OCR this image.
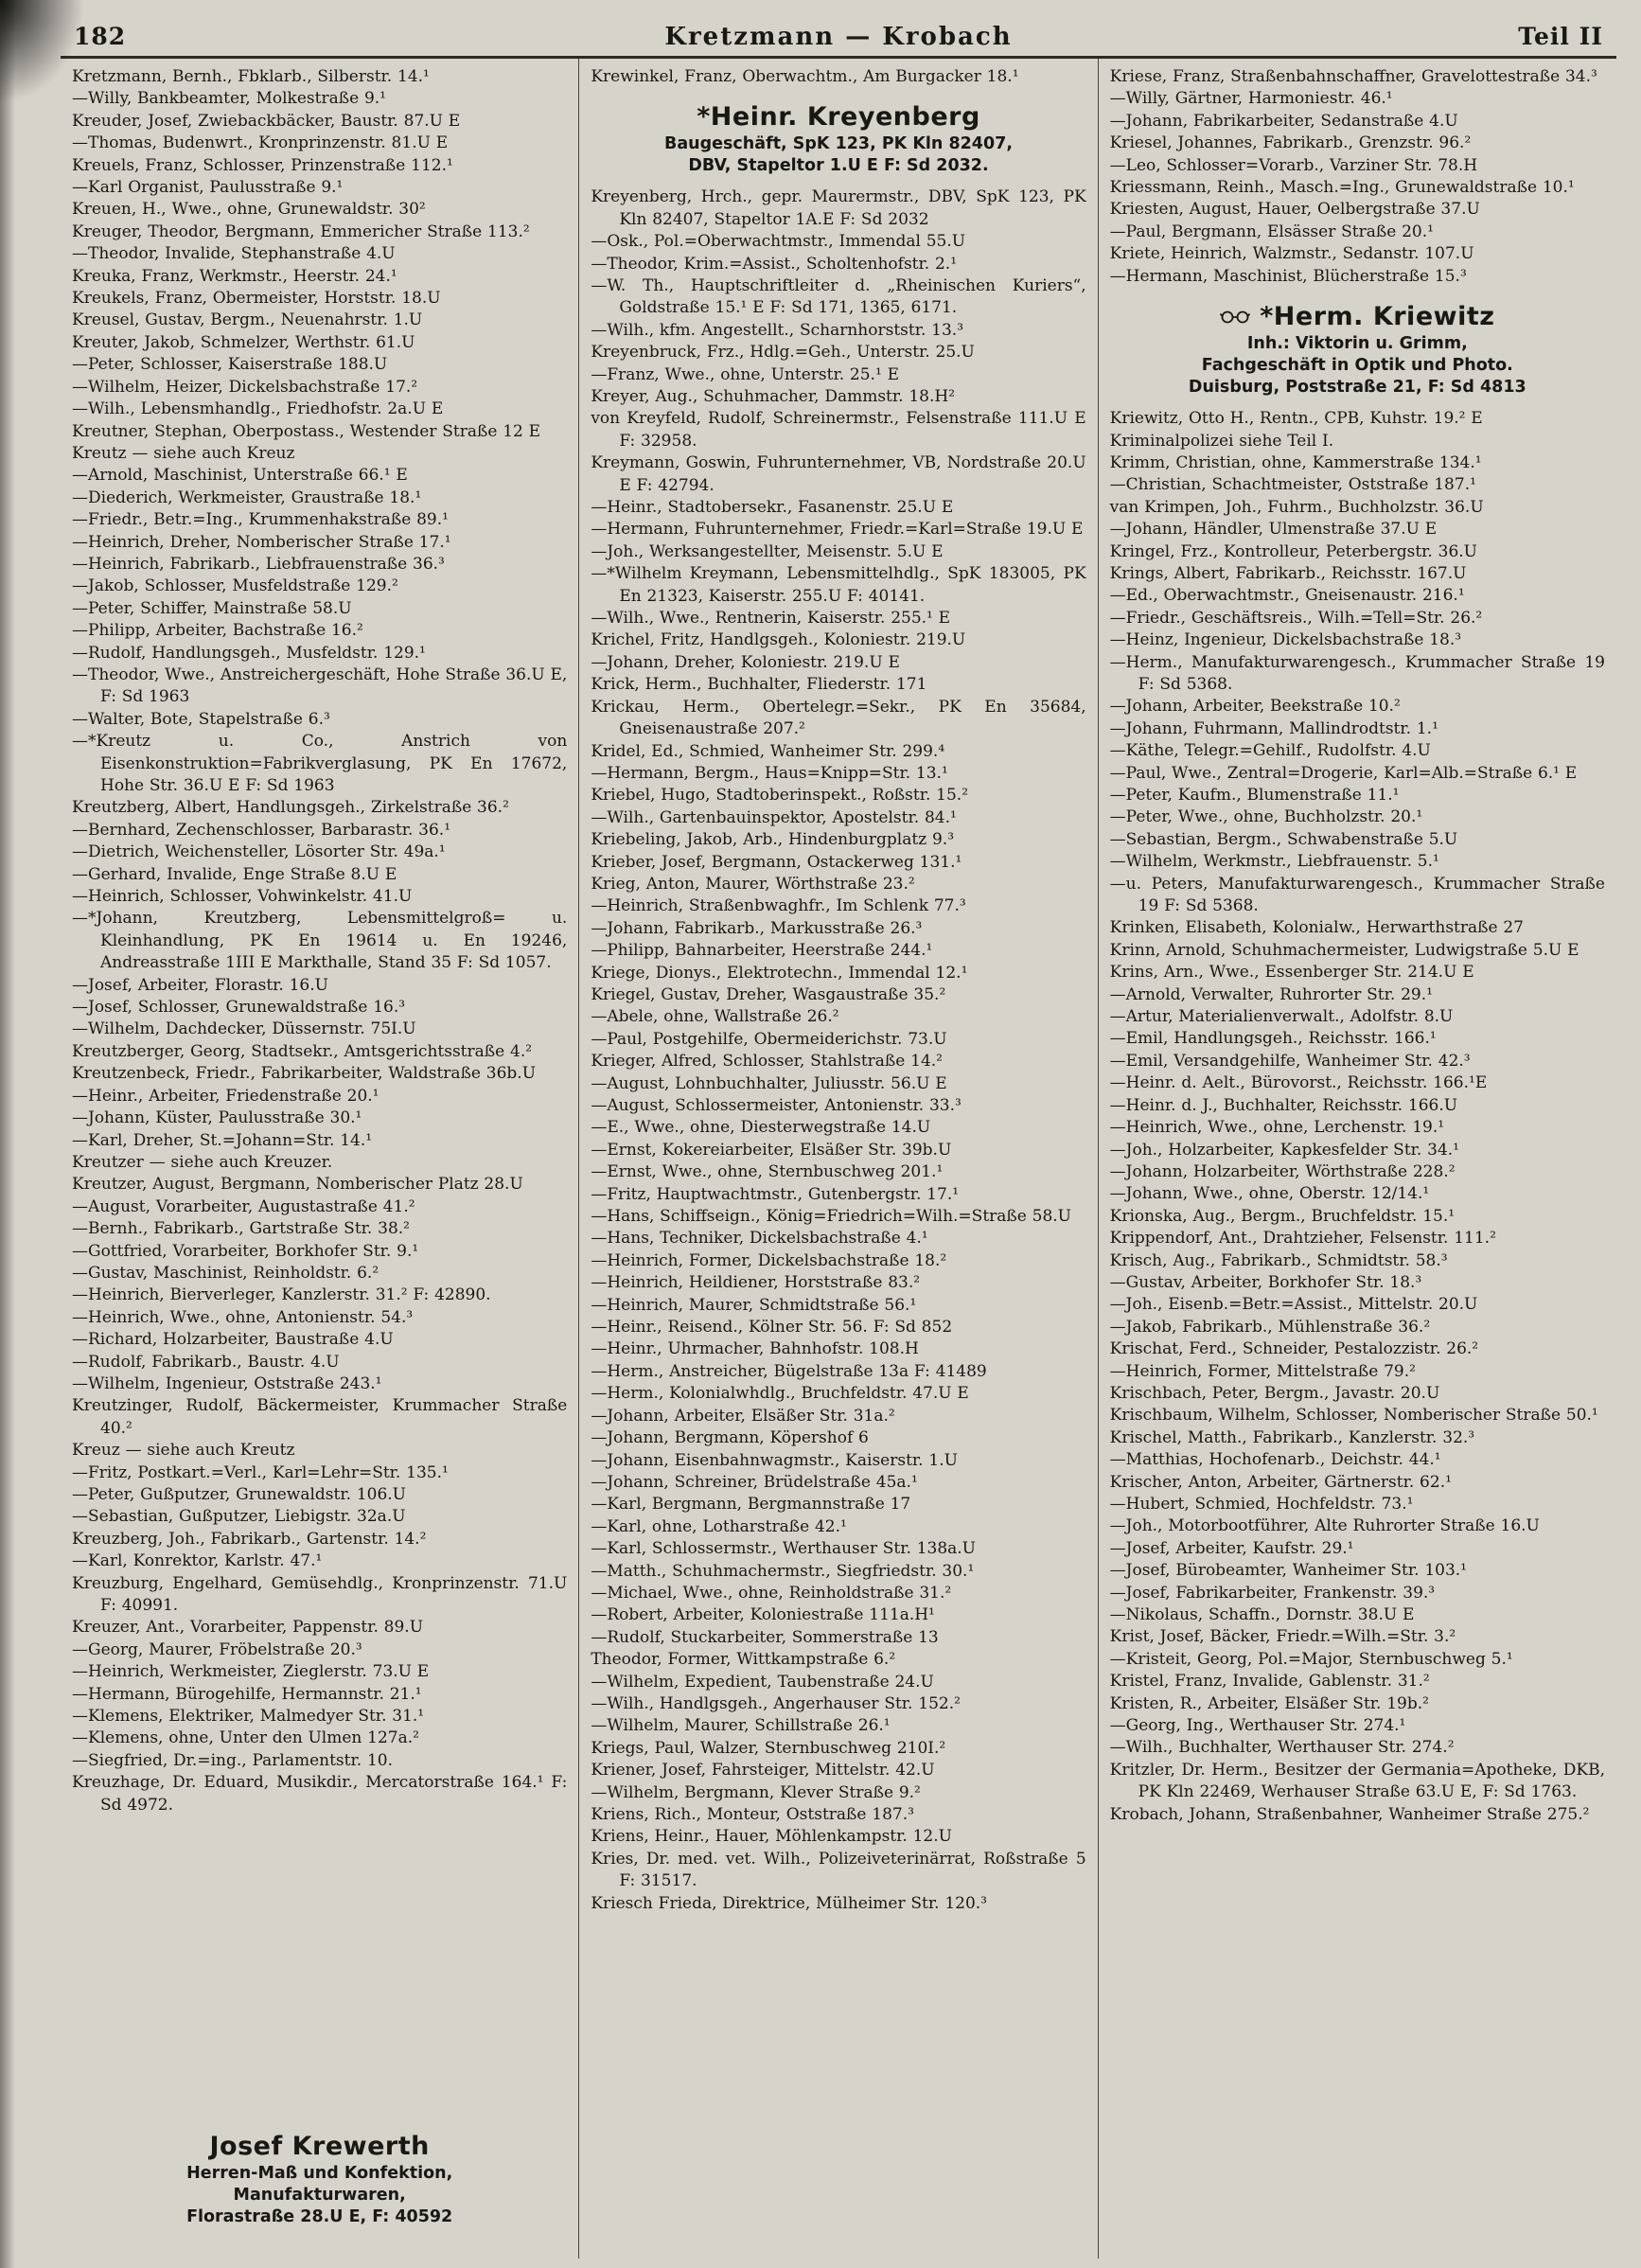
182	Kretzmann — Krobach	Teil II

Kretzmann, Bernh., Fbklarb., Silberstr. 14.¹

—Willy, Bankbeamter, Molkestraße 9.¹

Kreuder, Josef, Zwiebackbäcker, Baustr. 87.U E

—Thomas, Budenwrt., Kronprinzenstr. 81.U E

Kreuels, Franz, Schlosser, Prinzenstraße 112.¹

—Karl Organist, Paulusstraße 9.¹

Kreuen, H., Wwe., ohne, Grunewaldstr. 30²

Kreuger, Theodor, Bergmann, Emmericher Straße 113.²

—Theodor, Invalide, Stephanstraße 4.U

Kreuka, Franz, Werkmstr., Heerstr. 24.¹

Kreukels, Franz, Obermeister, Horststr. 18.U

Kreusel, Gustav, Bergm., Neuenahrstr. 1.U

Kreuter, Jakob, Schmelzer, Werthstr. 61.U

—Peter, Schlosser, Kaiserstraße 188.U

—Wilhelm, Heizer, Dickelsbachstraße 17.²

—Wilh., Lebensmhandlg., Friedhofstr. 2a.U E

Kreutner, Stephan, Oberpostass., Westender Straße 12 E

Kreutz — siehe auch Kreuz

—Arnold, Maschinist, Unterstraße 66.¹ E

—Diederich, Werkmeister, Graustraße 18.¹

—Friedr., Betr.=Ing., Krummenhakstraße 89.¹

—Heinrich, Dreher, Nomberischer Straße 17.¹

—Heinrich, Fabrikarb., Liebfrauenstraße 36.³

—Jakob, Schlosser, Musfeldstraße 129.²

—Peter, Schiffer, Mainstraße 58.U

—Philipp, Arbeiter, Bachstraße 16.²

—Rudolf, Handlungsgeh., Musfeldstr. 129.¹

—Theodor, Wwe., Anstreichergeschäft, Hohe Straße 36.U E, F: Sd 1963

—Walter, Bote, Stapelstraße 6.³

—*Kreutz u. Co., Anstrich von Eisenkonstruktion=Fabrikverglasung, PK En 17672, Hohe Str. 36.U E F: Sd 1963

Kreutzberg, Albert, Handlungsgeh., Zirkelstraße 36.²

—Bernhard, Zechenschlosser, Barbarastr. 36.¹

—Dietrich, Weichensteller, Lösorter Str. 49a.¹

—Gerhard, Invalide, Enge Straße 8.U E

—Heinrich, Schlosser, Vohwinkelstr. 41.U

—*Johann, Kreutzberg, Lebensmittelgroß= u. Kleinhandlung, PK En 19614 u. En 19246, Andreasstraße 1III E Markthalle, Stand 35 F: Sd 1057.

—Josef, Arbeiter, Florastr. 16.U

—Josef, Schlosser, Grunewaldstraße 16.³

—Wilhelm, Dachdecker, Düssernstr. 75I.U

Kreutzberger, Georg, Stadtsekr., Amtsgerichtsstraße 4.²

Kreutzenbeck, Friedr., Fabrikarbeiter, Waldstraße 36b.U

—Heinr., Arbeiter, Friedenstraße 20.¹

—Johann, Küster, Paulusstraße 30.¹

—Karl, Dreher, St.=Johann=Str. 14.¹

Kreutzer — siehe auch Kreuzer.

Kreutzer, August, Bergmann, Nomberischer Platz 28.U

—August, Vorarbeiter, Augustastraße 41.²

—Bernh., Fabrikarb., Gartstraße Str. 38.²

—Gottfried, Vorarbeiter, Borkhofer Str. 9.¹

—Gustav, Maschinist, Reinholdstr. 6.²

—Heinrich, Bierverleger, Kanzlerstr. 31.² F: 42890.

—Heinrich, Wwe., ohne, Antonienstr. 54.³

—Richard, Holzarbeiter, Baustraße 4.U

—Rudolf, Fabrikarb., Baustr. 4.U

—Wilhelm, Ingenieur, Oststraße 243.¹

Kreutzinger, Rudolf, Bäckermeister, Krummacher Straße 40.²

Kreuz — siehe auch Kreutz

—Fritz, Postkart.=Verl., Karl=Lehr=Str. 135.¹

—Peter, Gußputzer, Grunewaldstr. 106.U

—Sebastian, Gußputzer, Liebigstr. 32a.U

Kreuzberg, Joh., Fabrikarb., Gartenstr. 14.²

—Karl, Konrektor, Karlstr. 47.¹

Kreuzburg, Engelhard, Gemüsehdlg., Kronprinzenstr. 71.U F: 40991.

Kreuzer, Ant., Vorarbeiter, Pappenstr. 89.U

—Georg, Maurer, Fröbelstraße 20.³

—Heinrich, Werkmeister, Zieglerstr. 73.U E

—Hermann, Bürogehilfe, Hermannstr. 21.¹

—Klemens, Elektriker, Malmedyer Str. 31.¹

—Klemens, ohne, Unter den Ulmen 127a.²

—Siegfried, Dr.=ing., Parlamentstr. 10.

Kreuzhage, Dr. Eduard, Musikdir., Mercatorstraße 164.¹ F: Sd 4972.

Josef Krewerth
Herren-Maß und Konfektion,
Manufakturwaren,
Florastraße 28.U E, F: 40592

Krewinkel, Franz, Oberwachtm., Am Burgacker 18.¹

*Heinr. Kreyenberg
Baugeschäft, SpK 123, PK Kln 82407,
DBV, Stapeltor 1.U E F: Sd 2032.

Kreyenberg, Hrch., gepr. Maurermstr., DBV, SpK 123, PK Kln 82407, Stapeltor 1A.E F: Sd 2032

—Osk., Pol.=Oberwachtmstr., Immendal 55.U

—Theodor, Krim.=Assist., Scholtenhofstr. 2.¹

—W. Th., Hauptschriftleiter d. „Rheinischen Kuriers“, Goldstraße 15.¹ E F: Sd 171, 1365, 6171.

—Wilh., kfm. Angestellt., Scharnhorststr. 13.³

Kreyenbruck, Frz., Hdlg.=Geh., Unterstr. 25.U

—Franz, Wwe., ohne, Unterstr. 25.¹ E

Kreyer, Aug., Schuhmacher, Dammstr. 18.H²

von Kreyfeld, Rudolf, Schreinermstr., Felsenstraße 111.U E F: 32958.

Kreymann, Goswin, Fuhrunternehmer, VB, Nordstraße 20.U E F: 42794.

—Heinr., Stadtobersekr., Fasanenstr. 25.U E

—Hermann, Fuhrunternehmer, Friedr.=Karl=Straße 19.U E

—Joh., Werksangestellter, Meisenstr. 5.U E

—*Wilhelm Kreymann, Lebensmittelhdlg., SpK 183005, PK En 21323, Kaiserstr. 255.U F: 40141.

—Wilh., Wwe., Rentnerin, Kaiserstr. 255.¹ E

Krichel, Fritz, Handlgsgeh., Koloniestr. 219.U

—Johann, Dreher, Koloniestr. 219.U E

Krick, Herm., Buchhalter, Fliederstr. 171

Krickau, Herm., Obertelegr.=Sekr., PK En 35684, Gneisenaustraße 207.²

Kridel, Ed., Schmied, Wanheimer Str. 299.⁴

—Hermann, Bergm., Haus=Knipp=Str. 13.¹

Kriebel, Hugo, Stadtoberinspekt., Roßstr. 15.²

—Wilh., Gartenbauinspektor, Apostelstr. 84.¹

Kriebeling, Jakob, Arb., Hindenburgplatz 9.³

Krieber, Josef, Bergmann, Ostackerweg 131.¹

Krieg, Anton, Maurer, Wörthstraße 23.²

—Heinrich, Straßenbwaghfr., Im Schlenk 77.³

—Johann, Fabrikarb., Markusstraße 26.³

—Philipp, Bahnarbeiter, Heerstraße 244.¹

Kriege, Dionys., Elektrotechn., Immendal 12.¹

Kriegel, Gustav, Dreher, Wasgaustraße 35.²

—Abele, ohne, Wallstraße 26.²

—Paul, Postgehilfe, Obermeiderichstr. 73.U

Krieger, Alfred, Schlosser, Stahlstraße 14.²

—August, Lohnbuchhalter, Juliusstr. 56.U E

—August, Schlossermeister, Antonienstr. 33.³

—E., Wwe., ohne, Diesterwegstraße 14.U

—Ernst, Kokereiarbeiter, Elsäßer Str. 39b.U

—Ernst, Wwe., ohne, Sternbuschweg 201.¹

—Fritz, Hauptwachtmstr., Gutenbergstr. 17.¹

—Hans, Schiffseign., König=Friedrich=Wilh.=Straße 58.U

—Hans, Techniker, Dickelsbachstraße 4.¹

—Heinrich, Former, Dickelsbachstraße 18.²

—Heinrich, Heildiener, Horststraße 83.²

—Heinrich, Maurer, Schmidtstraße 56.¹

—Heinr., Reisend., Kölner Str. 56. F: Sd 852

—Heinr., Uhrmacher, Bahnhofstr. 108.H

—Herm., Anstreicher, Bügelstraße 13a F: 41489

—Herm., Kolonialwhdlg., Bruchfeldstr. 47.U E

—Johann, Arbeiter, Elsäßer Str. 31a.²

—Johann, Bergmann, Köpershof 6

—Johann, Eisenbahnwagmstr., Kaiserstr. 1.U

—Johann, Schreiner, Brüdelstraße 45a.¹

—Karl, Bergmann, Bergmannstraße 17

—Karl, ohne, Lotharstraße 42.¹

—Karl, Schlossermstr., Werthauser Str. 138a.U

—Matth., Schuhmachermstr., Siegfriedstr. 30.¹

—Michael, Wwe., ohne, Reinholdstraße 31.²

—Robert, Arbeiter, Koloniestraße 111a.H¹

—Rudolf, Stuckarbeiter, Sommerstraße 13

Theodor, Former, Wittkampstraße 6.²

—Wilhelm, Expedient, Taubenstraße 24.U

—Wilh., Handlgsgeh., Angerhauser Str. 152.²

—Wilhelm, Maurer, Schillstraße 26.¹

Kriegs, Paul, Walzer, Sternbuschweg 210I.²

Kriener, Josef, Fahrsteiger, Mittelstr. 42.U

—Wilhelm, Bergmann, Klever Straße 9.²

Kriens, Rich., Monteur, Oststraße 187.³

Kriens, Heinr., Hauer, Möhlenkampstr. 12.U

Kries, Dr. med. vet. Wilh., Polizeiveterinärrat, Roßstraße 5 F: 31517.

Kriesch Frieda, Direktrice, Mülheimer Str. 120.³

Kriese, Franz, Straßenbahnschaffner, Gravelottestraße 34.³

—Willy, Gärtner, Harmoniestr. 46.¹

—Johann, Fabrikarbeiter, Sedanstraße 4.U

Kriesel, Johannes, Fabrikarb., Grenzstr. 96.²

—Leo, Schlosser=Vorarb., Varziner Str. 78.H

Kriessmann, Reinh., Masch.=Ing., Grunewaldstraße 10.¹

Kriesten, August, Hauer, Oelbergstraße 37.U

—Paul, Bergmann, Elsässer Straße 20.¹

Kriete, Heinrich, Walzmstr., Sedanstr. 107.U

—Hermann, Maschinist, Blücherstraße 15.³

*Herm. Kriewitz
Inh.: Viktorin u. Grimm,
Fachgeschäft in Optik und Photo.
Duisburg, Poststraße 21, F: Sd 4813

Kriewitz, Otto H., Rentn., CPB, Kuhstr. 19.² E

Kriminalpolizei siehe Teil I.

Krimm, Christian, ohne, Kammerstraße 134.¹

—Christian, Schachtmeister, Oststraße 187.¹

van Krimpen, Joh., Fuhrm., Buchholzstr. 36.U

—Johann, Händler, Ulmenstraße 37.U E

Kringel, Frz., Kontrolleur, Peterbergstr. 36.U

Krings, Albert, Fabrikarb., Reichsstr. 167.U

—Ed., Oberwachtmstr., Gneisenaustr. 216.¹

—Friedr., Geschäftsreis., Wilh.=Tell=Str. 26.²

—Heinz, Ingenieur, Dickelsbachstraße 18.³

—Herm., Manufakturwarengesch., Krummacher Straße 19 F: Sd 5368.

—Johann, Arbeiter, Beekstraße 10.²

—Johann, Fuhrmann, Mallindrodtstr. 1.¹

—Käthe, Telegr.=Gehilf., Rudolfstr. 4.U

—Paul, Wwe., Zentral=Drogerie, Karl=Alb.=Straße 6.¹ E

—Peter, Kaufm., Blumenstraße 11.¹

—Peter, Wwe., ohne, Buchholzstr. 20.¹

—Sebastian, Bergm., Schwabenstraße 5.U

—Wilhelm, Werkmstr., Liebfrauenstr. 5.¹

—u. Peters, Manufakturwarengesch., Krummacher Straße 19 F: Sd 5368.

Krinken, Elisabeth, Kolonialw., Herwarthstraße 27

Krinn, Arnold, Schuhmachermeister, Ludwigstraße 5.U E

Krins, Arn., Wwe., Essenberger Str. 214.U E

—Arnold, Verwalter, Ruhrorter Str. 29.¹

—Artur, Materialienverwalt., Adolfstr. 8.U

—Emil, Handlungsgeh., Reichsstr. 166.¹

—Emil, Versandgehilfe, Wanheimer Str. 42.³

—Heinr. d. Aelt., Bürovorst., Reichsstr. 166.¹E

—Heinr. d. J., Buchhalter, Reichsstr. 166.U

—Heinrich, Wwe., ohne, Lerchenstr. 19.¹

—Joh., Holzarbeiter, Kapkesfelder Str. 34.¹

—Johann, Holzarbeiter, Wörthstraße 228.²

—Johann, Wwe., ohne, Oberstr. 12/14.¹

Krionska, Aug., Bergm., Bruchfeldstr. 15.¹

Krippendorf, Ant., Drahtzieher, Felsenstr. 111.²

Krisch, Aug., Fabrikarb., Schmidtstr. 58.³

—Gustav, Arbeiter, Borkhofer Str. 18.³

—Joh., Eisenb.=Betr.=Assist., Mittelstr. 20.U

—Jakob, Fabrikarb., Mühlenstraße 36.²

Krischat, Ferd., Schneider, Pestalozzistr. 26.²

—Heinrich, Former, Mittelstraße 79.²

Krischbach, Peter, Bergm., Javastr. 20.U

Krischbaum, Wilhelm, Schlosser, Nomberischer Straße 50.¹

Krischel, Matth., Fabrikarb., Kanzlerstr. 32.³

—Matthias, Hochofenarb., Deichstr. 44.¹

Krischer, Anton, Arbeiter, Gärtnerstr. 62.¹

—Hubert, Schmied, Hochfeldstr. 73.¹

—Joh., Motorbootführer, Alte Ruhrorter Straße 16.U

—Josef, Arbeiter, Kaufstr. 29.¹

—Josef, Bürobeamter, Wanheimer Str. 103.¹

—Josef, Fabrikarbeiter, Frankenstr. 39.³

—Nikolaus, Schaffn., Dornstr. 38.U E

Krist, Josef, Bäcker, Friedr.=Wilh.=Str. 3.²

—Kristeit, Georg, Pol.=Major, Sternbuschweg 5.¹

Kristel, Franz, Invalide, Gablenstr. 31.²

Kristen, R., Arbeiter, Elsäßer Str. 19b.²

—Georg, Ing., Werthauser Str. 274.¹

—Wilh., Buchhalter, Werthauser Str. 274.²

Kritzler, Dr. Herm., Besitzer der Germania=Apotheke, DKB, PK Kln 22469, Werhauser Straße 63.U E, F: Sd 1763.

Krobach, Johann, Straßenbahner, Wanheimer Straße 275.²
